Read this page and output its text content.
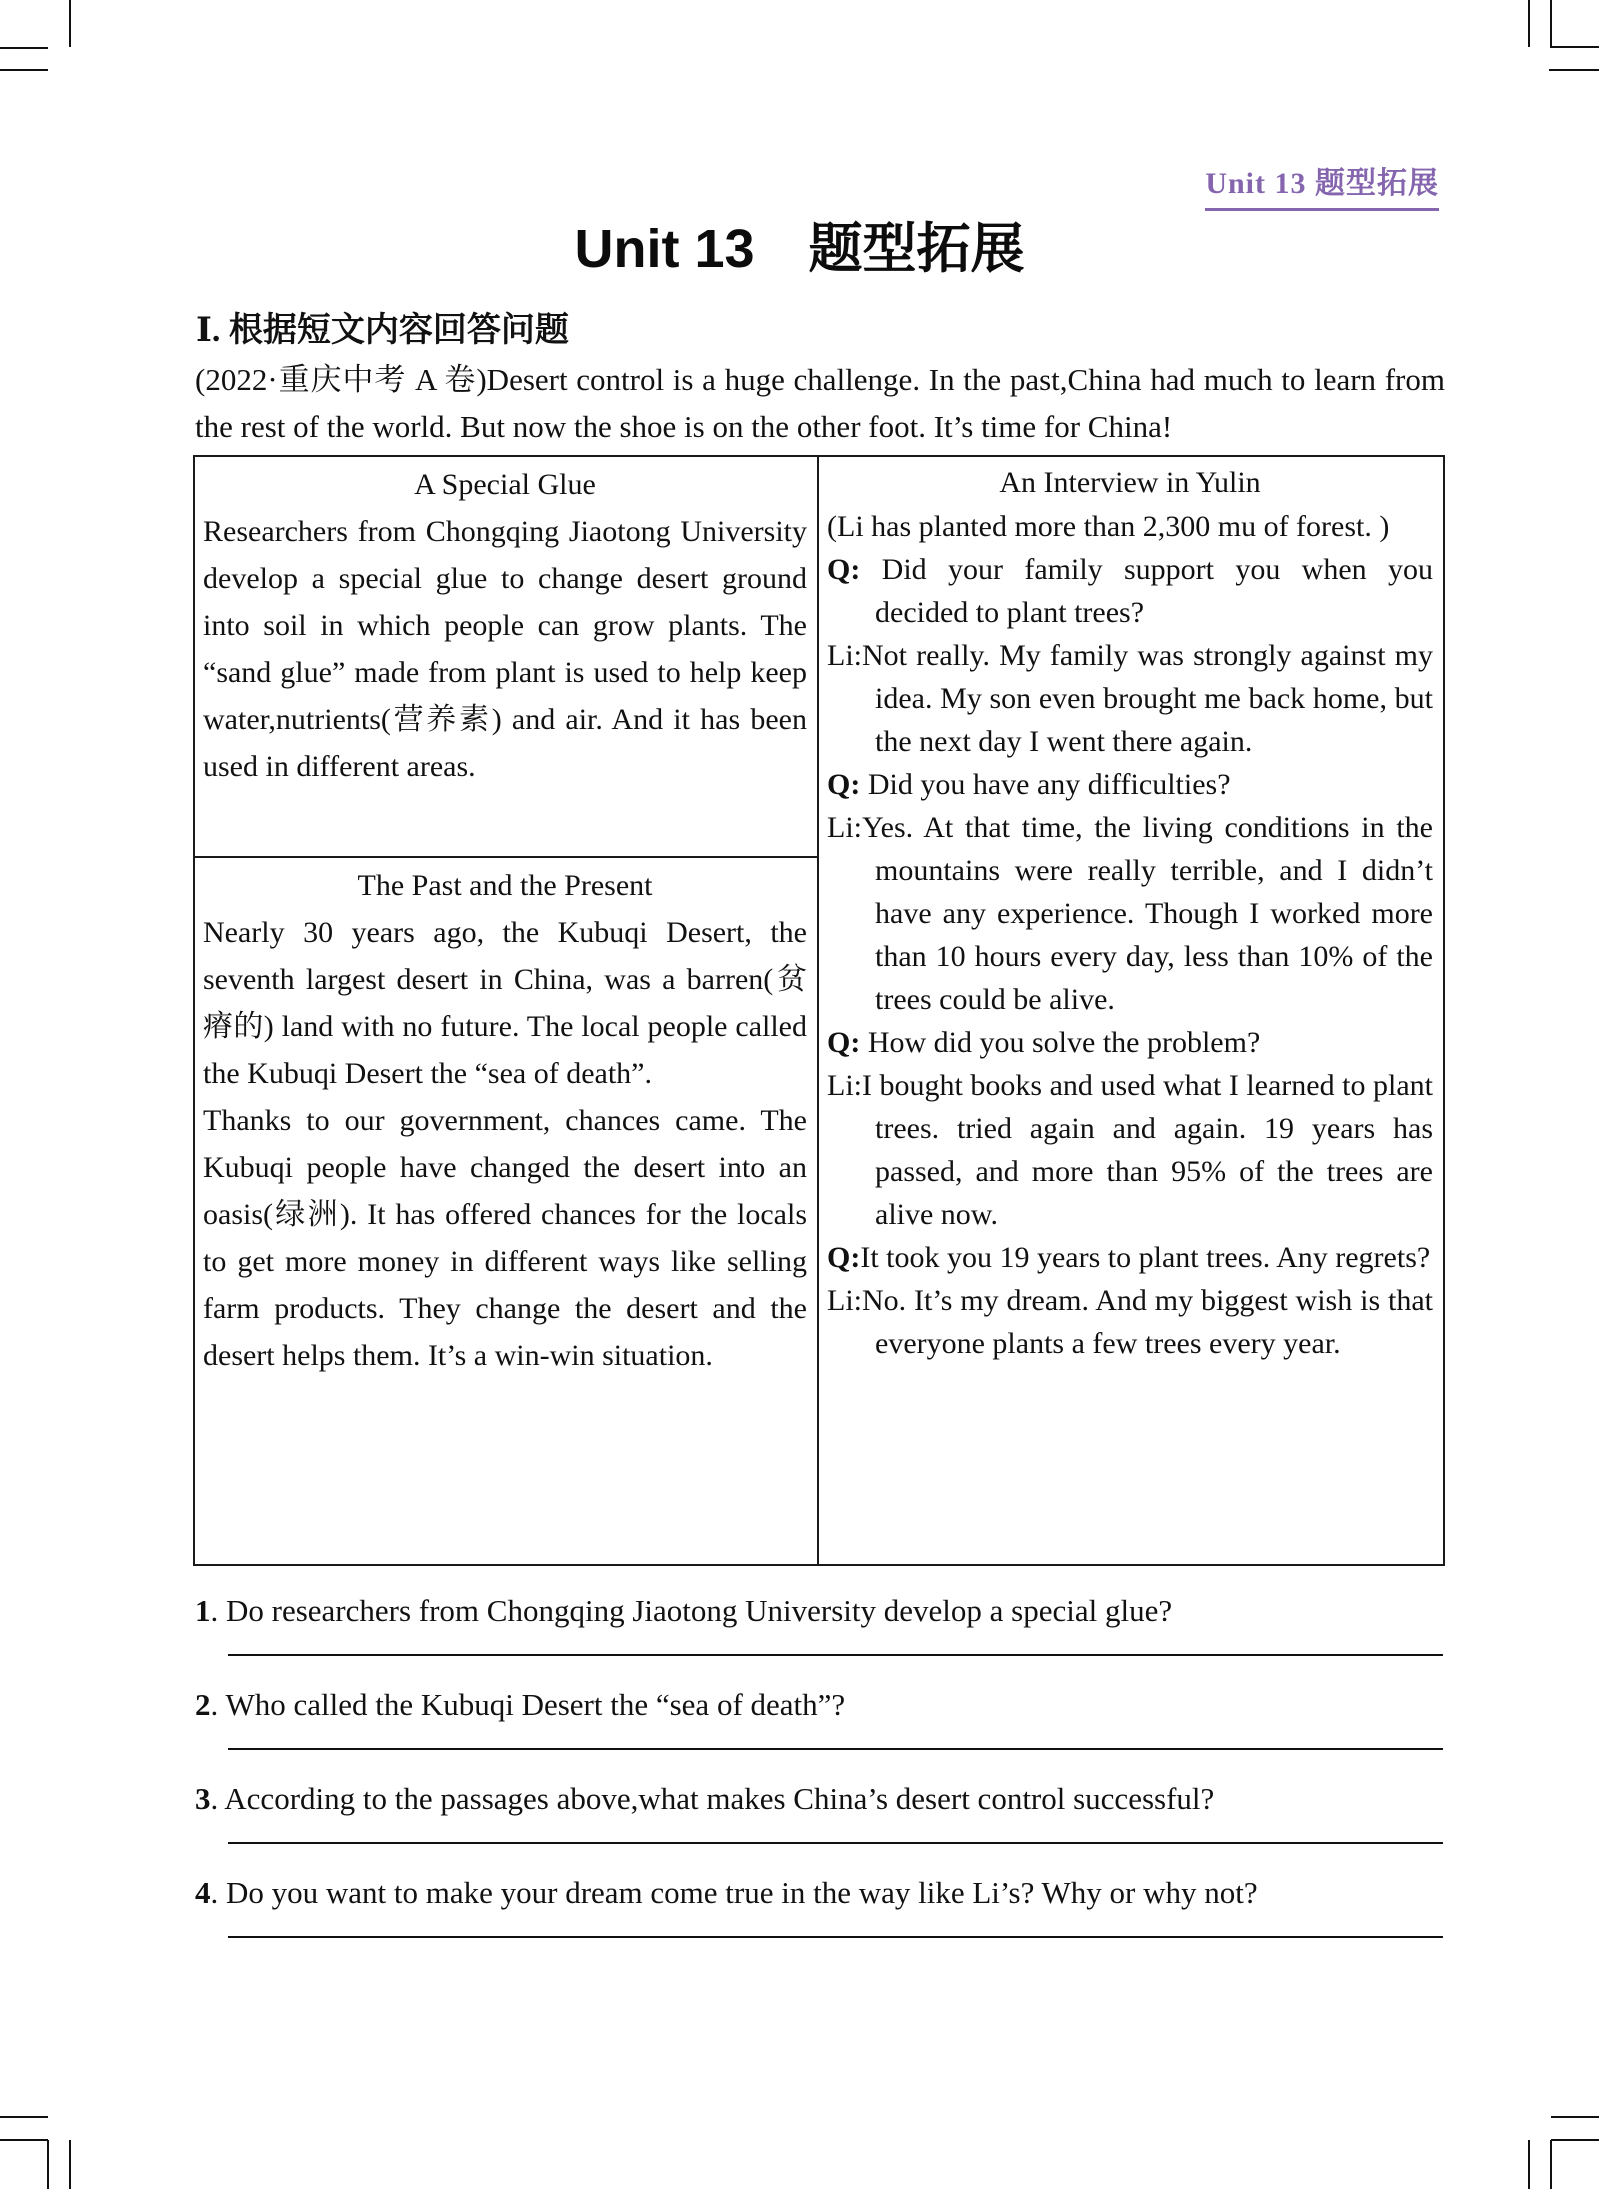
Unit 13 题型拓展
Unit 13　题型拓展
Ⅰ. 根据短文内容回答问题

(2022·重庆中考 A 卷)Desert control is a huge challenge. In the past,China had much to learn from the rest of the world. But now the shoe is on the other foot. It’s time for China!

A Special Glue

Researchers from Chongqing Jiaotong University develop a special glue to change desert ground into soil in which people can grow plants. The “sand glue” made from plant is used to help keep water,nutrients(营养素) and air. And it has been used in different areas.

The Past and the Present

Nearly 30 years ago, the Kubuqi Desert, the seventh largest desert in China, was a barren(贫瘠的) land with no future. The local people called the Kubuqi Desert the “sea of death”.

Thanks to our government, chances came. The Kubuqi people have changed the desert into an oasis(绿洲). It has offered chances for the locals to get more money in different ways like selling farm products. They change the desert and the desert helps them. It’s a win-win situation.

An Interview in Yulin

(Li has planted more than 2,300 mu of forest. )

Q: Did your family support you when you decided to plant trees?

Li:Not really. My family was strongly against my idea. My son even brought me back home, but the next day I went there again.

Q: Did you have any difficulties?

Li:Yes. At that time, the living conditions in the mountains were really terrible, and I didn’t have any experience. Though I worked more than 10 hours every day, less than 10% of the trees could be alive.

Q: How did you solve the problem?

Li:I bought books and used what I learned to plant trees. tried again and again. 19 years has passed, and more than 95% of the trees are alive now.

Q:It took you 19 years to plant trees. Any regrets?

Li:No. It’s my dream. And my biggest wish is that everyone plants a few trees every year.

1. Do researchers from Chongqing Jiaotong University develop a special glue?

2. Who called the Kubuqi Desert the “sea of death”?

3. According to the passages above,what makes China’s desert control successful?

4. Do you want to make your dream come true in the way like Li’s? Why or why not?
